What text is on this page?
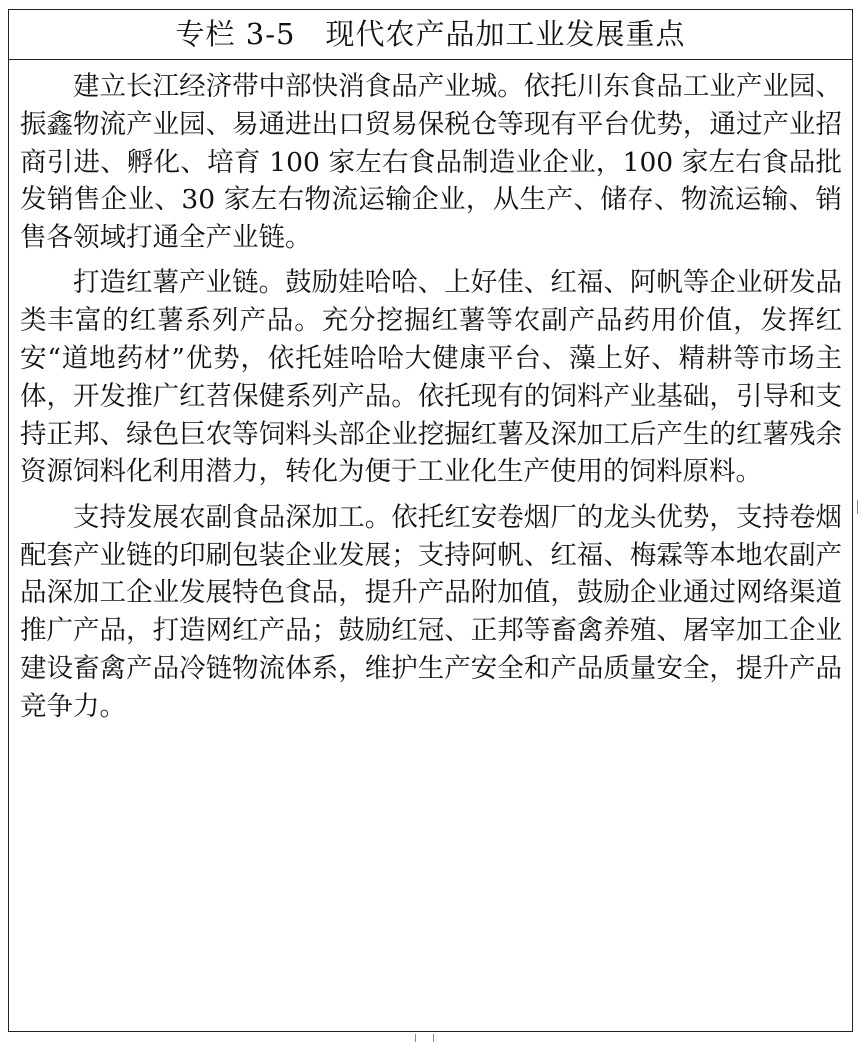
专栏 3-5　现代农产品加工业发展重点

建立长江经济带中部快消食品产业城。依托川东食品工业产业园、振鑫物流产业园、易通进出口贸易保税仓等现有平台优势，通过产业招商引进、孵化、培育 100 家左右食品制造业企业，100 家左右食品批发销售企业、30 家左右物流运输企业，从生产、储存、物流运输、销售各领域打通全产业链。

打造红薯产业链。鼓励娃哈哈、上好佳、红福、阿帆等企业研发品类丰富的红薯系列产品。充分挖掘红薯等农副产品药用价值，发挥红安“道地药材”优势，依托娃哈哈大健康平台、藻上好、精耕等市场主体，开发推广红苕保健系列产品。依托现有的饲料产业基础，引导和支持正邦、绿色巨农等饲料头部企业挖掘红薯及深加工后产生的红薯残余资源饲料化利用潜力，转化为便于工业化生产使用的饲料原料。

支持发展农副食品深加工。依托红安卷烟厂的龙头优势，支持卷烟配套产业链的印刷包装企业发展；支持阿帆、红福、梅霖等本地农副产品深加工企业发展特色食品，提升产品附加值，鼓励企业通过网络渠道推广产品，打造网红产品；鼓励红冠、正邦等畜禽养殖、屠宰加工企业建设畜禽产品冷链物流体系，维护生产安全和产品质量安全，提升产品竞争力。
